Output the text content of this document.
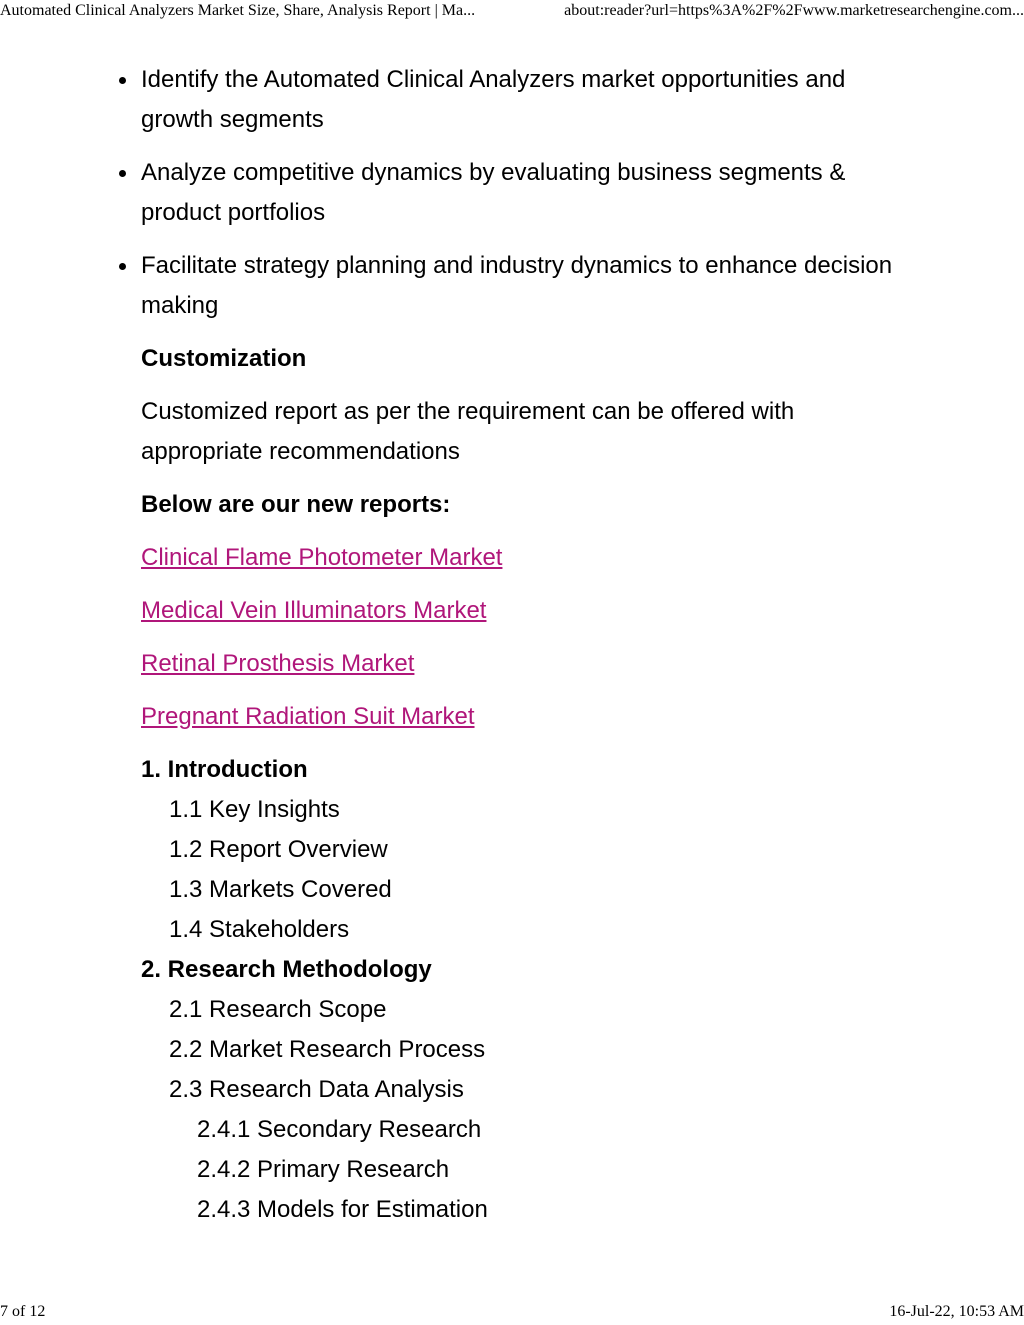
Automated Clinical Analyzers Market Size, Share, Analysis Report | Ma...	about:reader?url=https%3A%2F%2Fwww.marketresearchengine.com...
Identify the Automated Clinical Analyzers market opportunities and growth segments
Analyze competitive dynamics by evaluating business segments & product portfolios
Facilitate strategy planning and industry dynamics to enhance decision making

Customization

Customized report as per the requirement can be offered with appropriate recommendations

Below are our new reports:

Clinical Flame Photometer Market
Medical Vein Illuminators Market
Retinal Prosthesis Market
Pregnant Radiation Suit Market
1. Introduction
1.1 Key Insights
1.2 Report Overview
1.3 Markets Covered
1.4 Stakeholders
2. Research Methodology
2.1 Research Scope
2.2 Market Research Process
2.3 Research Data Analysis
2.4.1 Secondary Research
2.4.2 Primary Research
2.4.3 Models for Estimation
7 of 12	16-Jul-22, 10:53 AM
